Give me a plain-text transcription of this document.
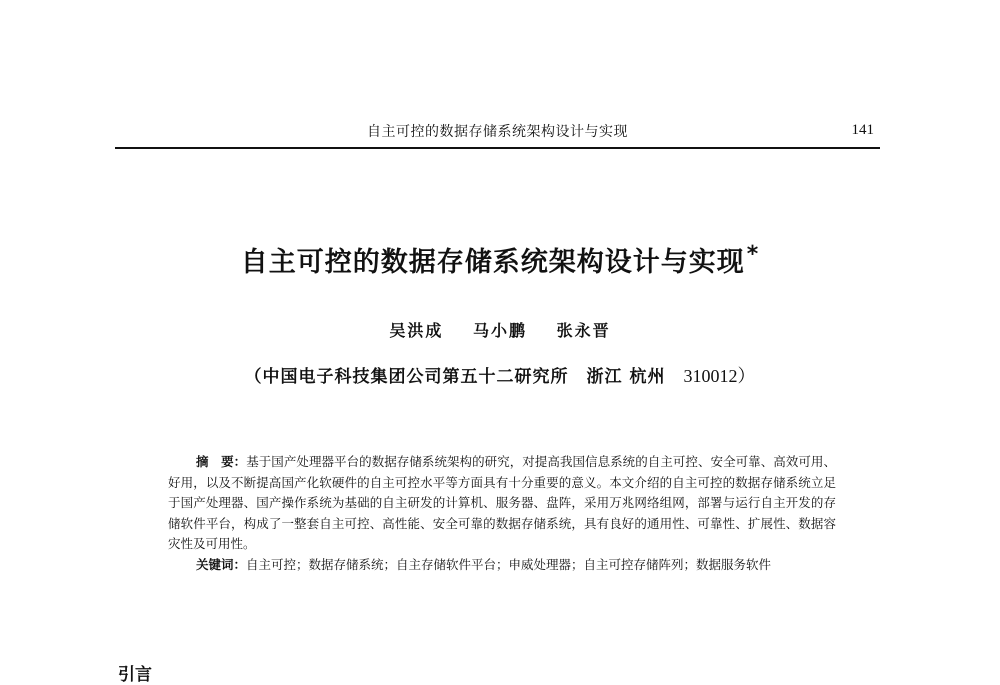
自主可控的数据存储系统架构设计与实现	141
自主可控的数据存储系统架构设计与实现*
吴洪成 马小鹏 张永晋
（中国电子科技集团公司第五十二研究所　浙江 杭州  310012）

摘　要：基于国产处理器平台的数据存储系统架构的研究，对提高我国信息系统的自主可控、安全可靠、高效可用、好用，以及不断提高国产化软硬件的自主可控水平等方面具有十分重要的意义。本文介绍的自主可控的数据存储系统立足于国产处理器、国产操作系统为基础的自主研发的计算机、服务器、盘阵，采用万兆网络组网，部署与运行自主开发的存储软件平台，构成了一整套自主可控、高性能、安全可靠的数据存储系统，具有良好的通用性、可靠性、扩展性、数据容灾性及可用性。

关键词：自主可控；数据存储系统；自主存储软件平台；申威处理器；自主可控存储阵列；数据服务软件

引言
